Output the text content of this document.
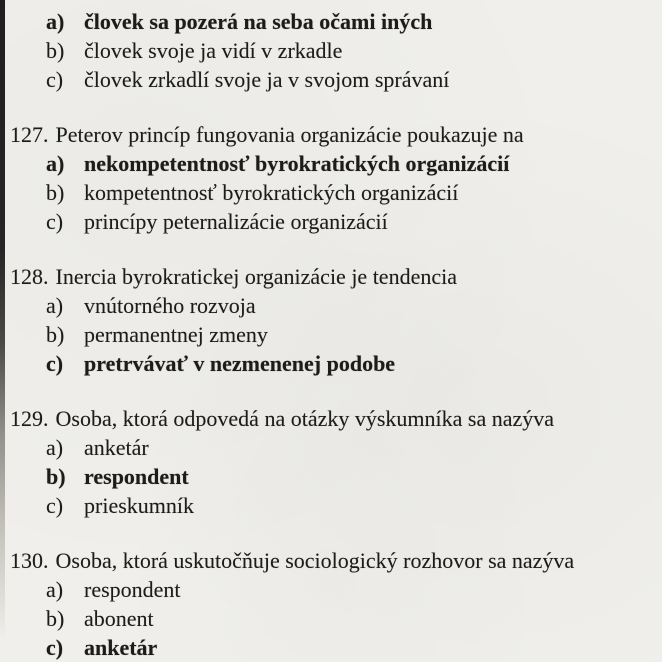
a) človek sa pozerá na seba očami iných
b) človek svoje ja vidí v zrkadle
c) človek zrkadlí svoje ja v svojom správaní
127. Peterov princíp fungovania organizácie poukazuje na
a) nekompetentnosť byrokratických organizácií
b) kompetentnosť byrokratických organizácií
c) princípy peternalizácie organizácií
128. Inercia byrokratickej organizácie je tendencia
a) vnútorného rozvoja
b) permanentnej zmeny
c) pretrvávať v nezmenenej podobe
129. Osoba, ktorá odpovedá na otázky výskumníka sa nazýva
a) anketár
b) respondent
c) prieskumník
130. Osoba, ktorá uskutočňuje sociologický rozhovor sa nazýva
a) respondent
b) abonent
c) anketár
